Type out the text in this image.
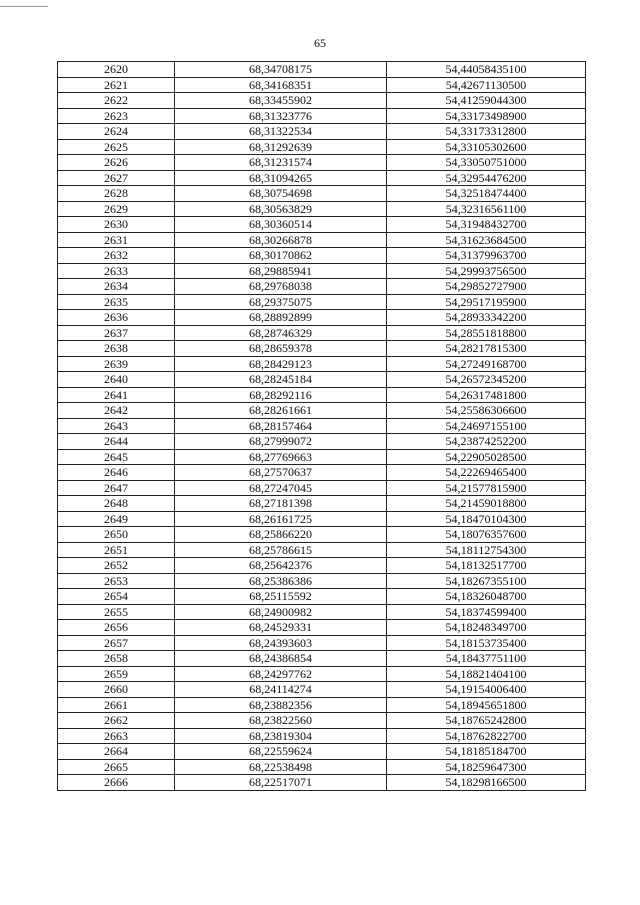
65
2620	68,34708175	54,44058435100
2621	68,34168351	54,42671130500
2622	68,33455902	54,41259044300
2623	68,31323776	54,33173498900
2624	68,31322534	54,33173312800
2625	68,31292639	54,33105302600
2626	68,31231574	54,33050751000
2627	68,31094265	54,32954476200
2628	68,30754698	54,32518474400
2629	68,30563829	54,32316561100
2630	68,30360514	54,31948432700
2631	68,30266878	54,31623684500
2632	68,30170862	54,31379963700
2633	68,29885941	54,29993756500
2634	68,29768038	54,29852727900
2635	68,29375075	54,29517195900
2636	68,28892899	54,28933342200
2637	68,28746329	54,28551818800
2638	68,28659378	54,28217815300
2639	68,28429123	54,27249168700
2640	68,28245184	54,26572345200
2641	68,28292116	54,26317481800
2642	68,28261661	54,25586306600
2643	68,28157464	54,24697155100
2644	68,27999072	54,23874252200
2645	68,27769663	54,22905028500
2646	68,27570637	54,22269465400
2647	68,27247045	54,21577815900
2648	68,27181398	54,21459018800
2649	68,26161725	54,18470104300
2650	68,25866220	54,18076357600
2651	68,25786615	54,18112754300
2652	68,25642376	54,18132517700
2653	68,25386386	54,18267355100
2654	68,25115592	54,18326048700
2655	68,24900982	54,18374599400
2656	68,24529331	54,18248349700
2657	68,24393603	54,18153735400
2658	68,24386854	54,18437751100
2659	68,24297762	54,18821404100
2660	68,24114274	54,19154006400
2661	68,23882356	54,18945651800
2662	68,23822560	54,18765242800
2663	68,23819304	54,18762822700
2664	68,22559624	54,18185184700
2665	68,22538498	54,18259647300
2666	68,22517071	54,18298166500
